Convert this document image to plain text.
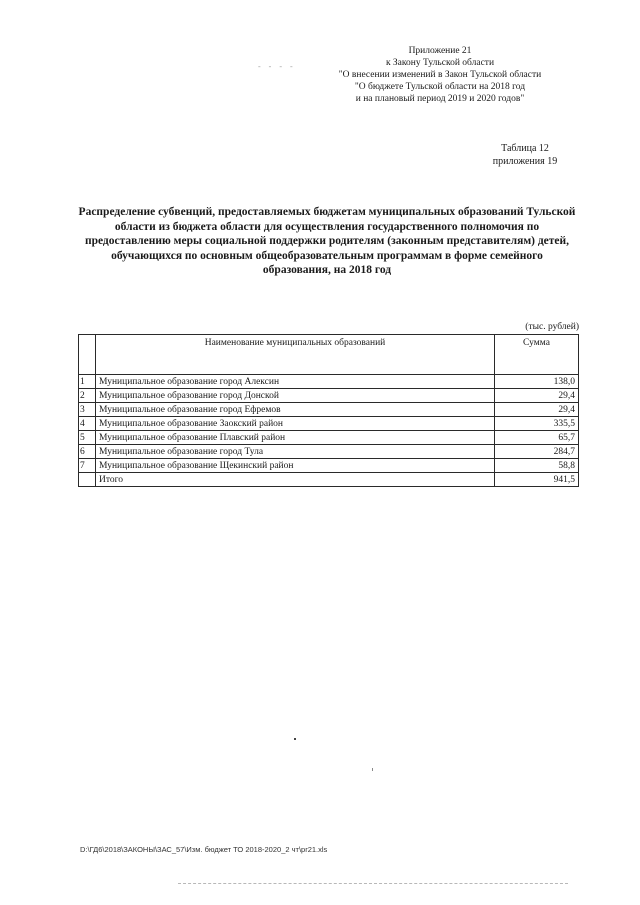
- - - -
Приложение 21
к Закону Тульской области
"О внесении изменений в Закон Тульской области
"О бюджете Тульской области на 2018 год
и на плановый период 2019 и 2020 годов"
Таблица 12
приложения 19
Распределение субвенций, предоставляемых бюджетам муниципальных образований Тульской области из бюджета области для осуществления государственного полномочия по предоставлению меры социальной поддержки родителям (законным представителям) детей, обучающихся по основным общеобразовательным программам в форме семейного образования, на 2018 год
(тыс. рублей)
	Наименование муниципальных образований	Сумма
1	Муниципальное образование город Алексин	138,0
2	Муниципальное образование город Донской	29,4
3	Муниципальное образование город Ефремов	29,4
4	Муниципальное образование Заокский район	335,5
5	Муниципальное образование Плавский район	65,7
6	Муниципальное образование город Тула	284,7
7	Муниципальное образование Щекинский район	58,8
	Итого	941,5
D:\ГД6\2018\ЗАКОНЫ\ЗАС_57\Изм. бюджет ТО 2018-2020_2 чт\pr21.xls
